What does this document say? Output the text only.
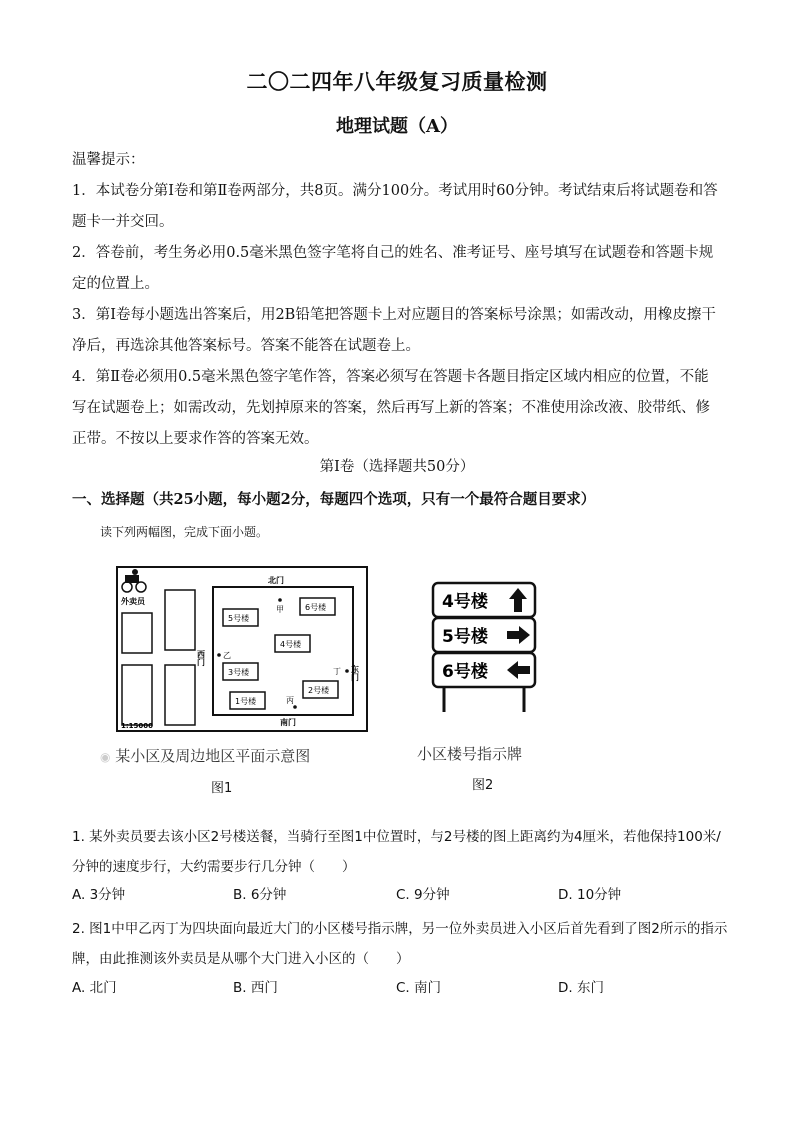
二〇二四年八年级复习质量检测
地理试题（A）
温馨提示：
1．本试卷分第Ⅰ卷和第Ⅱ卷两部分，共8页。满分100分。考试用时60分钟。考试结束后将试题卷和答题卡一并交回。
2．答卷前，考生务必用0.5毫米黑色签字笔将自己的姓名、准考证号、座号填写在试题卷和答题卡规定的位置上。
3．第Ⅰ卷每小题选出答案后，用2B铅笔把答题卡上对应题目的答案标号涂黑；如需改动，用橡皮擦干净后，再选涂其他答案标号。答案不能答在试题卷上。
4．第Ⅱ卷必须用0.5毫米黑色签字笔作答，答案必须写在答题卡各题目指定区域内相应的位置，不能写在试题卷上；如需改动，先划掉原来的答案，然后再写上新的答案；不准使用涂改液、胶带纸、修正带。不按以上要求作答的答案无效。
第Ⅰ卷（选择题共50分）
一、选择题（共25小题，每小题2分，每题四个选项，只有一个最符合题目要求）
读下列两幅图，完成下面小题。
外卖员
北门
南门
西门
东门
5号楼
6号楼
4号楼
3号楼
1号楼
2号楼
甲
乙
丙
丁
1:15000
◉ 某小区及周边地区平面示意图
图1
4号楼
5号楼
6号楼
小区楼号指示牌
图2
1. 某外卖员要去该小区2号楼送餐，当骑行至图1中位置时，与2号楼的图上距离约为4厘米，若他保持100米/分钟的速度步行，大约需要步行几分钟（　　）
A. 3分钟	B. 6分钟	C. 9分钟	D. 10分钟
2. 图1中甲乙丙丁为四块面向最近大门的小区楼号指示牌，另一位外卖员进入小区后首先看到了图2所示的指示牌，由此推测该外卖员是从哪个大门进入小区的（　　）
A. 北门	B. 西门	C. 南门	D. 东门
